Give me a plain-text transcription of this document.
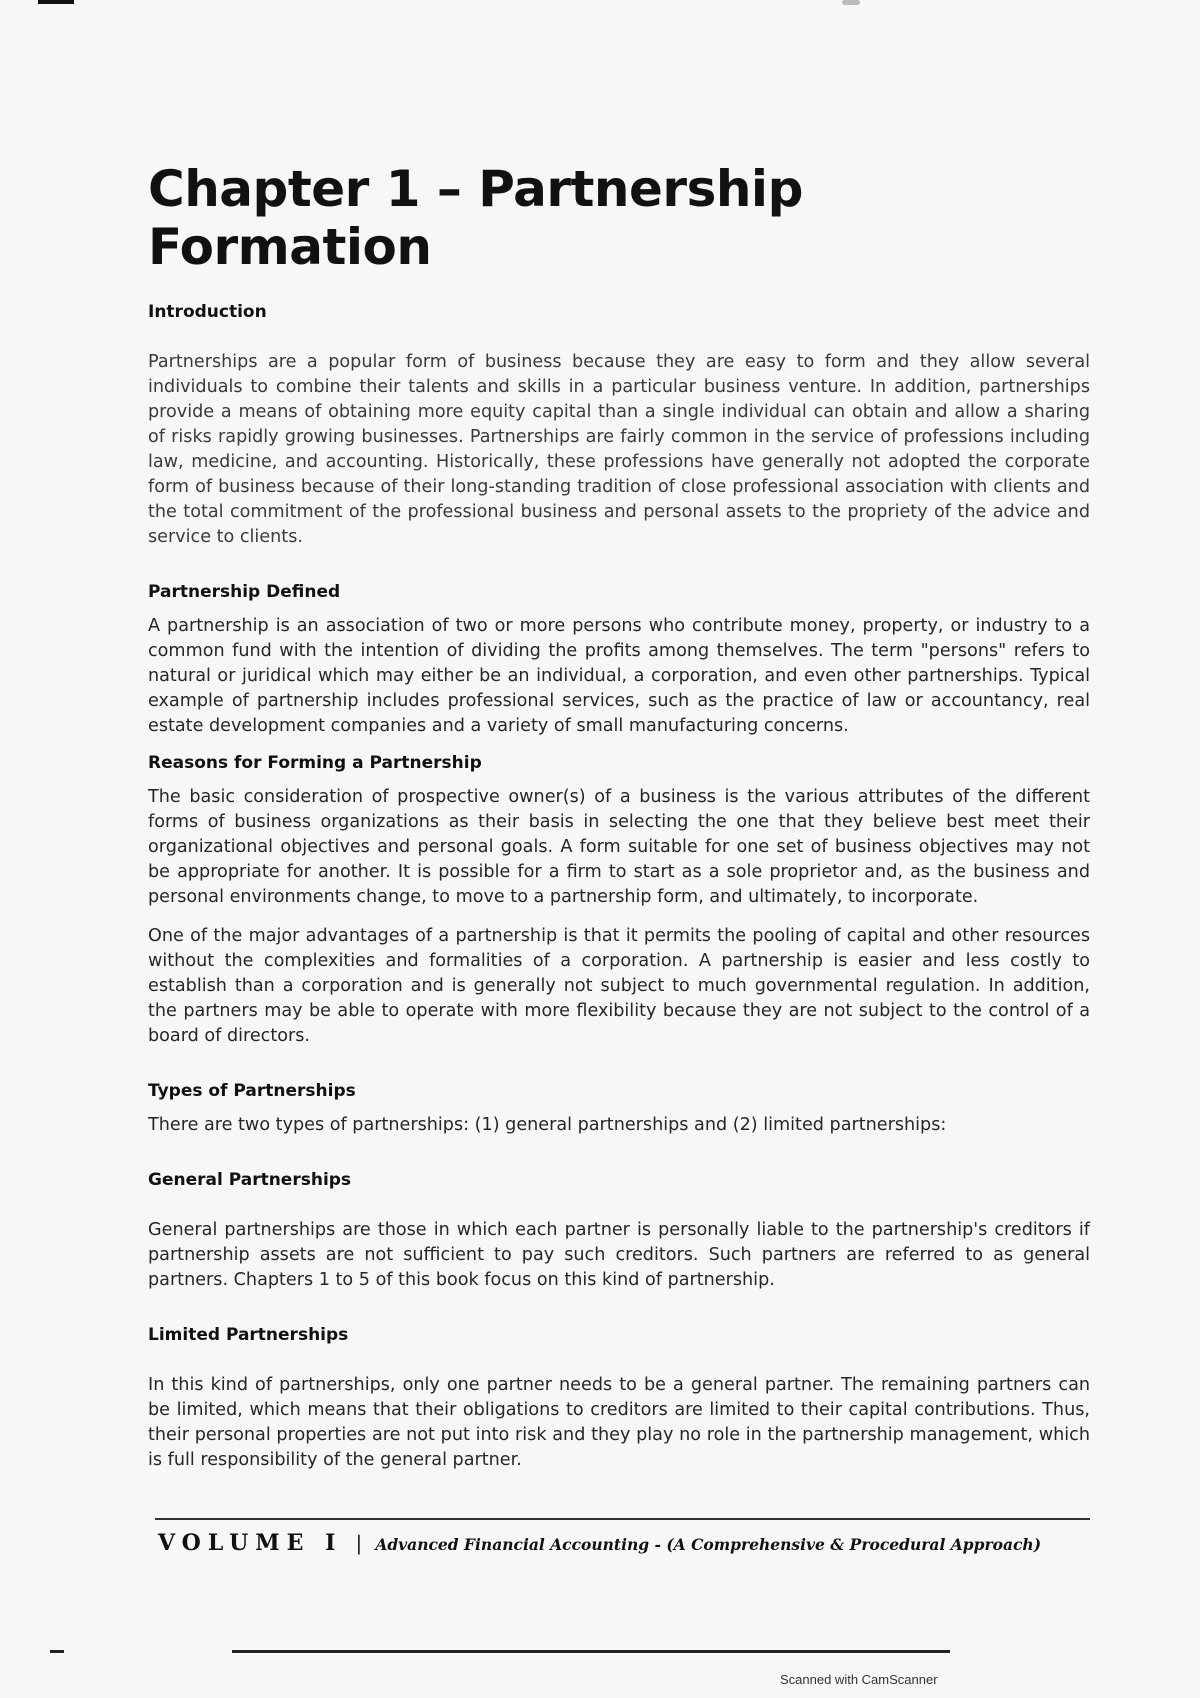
Chapter 1 – Partnership Formation
Introduction

Partnerships are a popular form of business because they are easy to form and they allow several individuals to combine their talents and skills in a particular business venture. In addition, partnerships provide a means of obtaining more equity capital than a single individual can obtain and allow a sharing of risks rapidly growing businesses. Partnerships are fairly common in the service of professions including law, medicine, and accounting. Historically, these professions have generally not adopted the corporate form of business because of their long-standing tradition of close professional association with clients and the total commitment of the professional business and personal assets to the propriety of the advice and service to clients.

Partnership Defined

A partnership is an association of two or more persons who contribute money, property, or industry to a common fund with the intention of dividing the profits among themselves. The term "persons" refers to natural or juridical which may either be an individual, a corporation, and even other partnerships. Typical example of partnership includes professional services, such as the practice of law or accountancy, real estate development companies and a variety of small manufacturing concerns.

Reasons for Forming a Partnership

The basic consideration of prospective owner(s) of a business is the various attributes of the different forms of business organizations as their basis in selecting the one that they believe best meet their organizational objectives and personal goals. A form suitable for one set of business objectives may not be appropriate for another. It is possible for a firm to start as a sole proprietor and, as the business and personal environments change, to move to a partnership form, and ultimately, to incorporate.

One of the major advantages of a partnership is that it permits the pooling of capital and other resources without the complexities and formalities of a corporation. A partnership is easier and less costly to establish than a corporation and is generally not subject to much governmental regulation. In addition, the partners may be able to operate with more flexibility because they are not subject to the control of a board of directors.

Types of Partnerships

There are two types of partnerships: (1) general partnerships and (2) limited partnerships:

General Partnerships

General partnerships are those in which each partner is personally liable to the partnership's creditors if partnership assets are not sufficient to pay such creditors. Such partners are referred to as general partners. Chapters 1 to 5 of this book focus on this kind of partnership.

Limited Partnerships

In this kind of partnerships, only one partner needs to be a general partner. The remaining partners can be limited, which means that their obligations to creditors are limited to their capital contributions. Thus, their personal properties are not put into risk and they play no role in the partnership management, which is full responsibility of the general partner.

VOLUME I | Advanced Financial Accounting - (A Comprehensive & Procedural Approach)
Scanned with CamScanner
